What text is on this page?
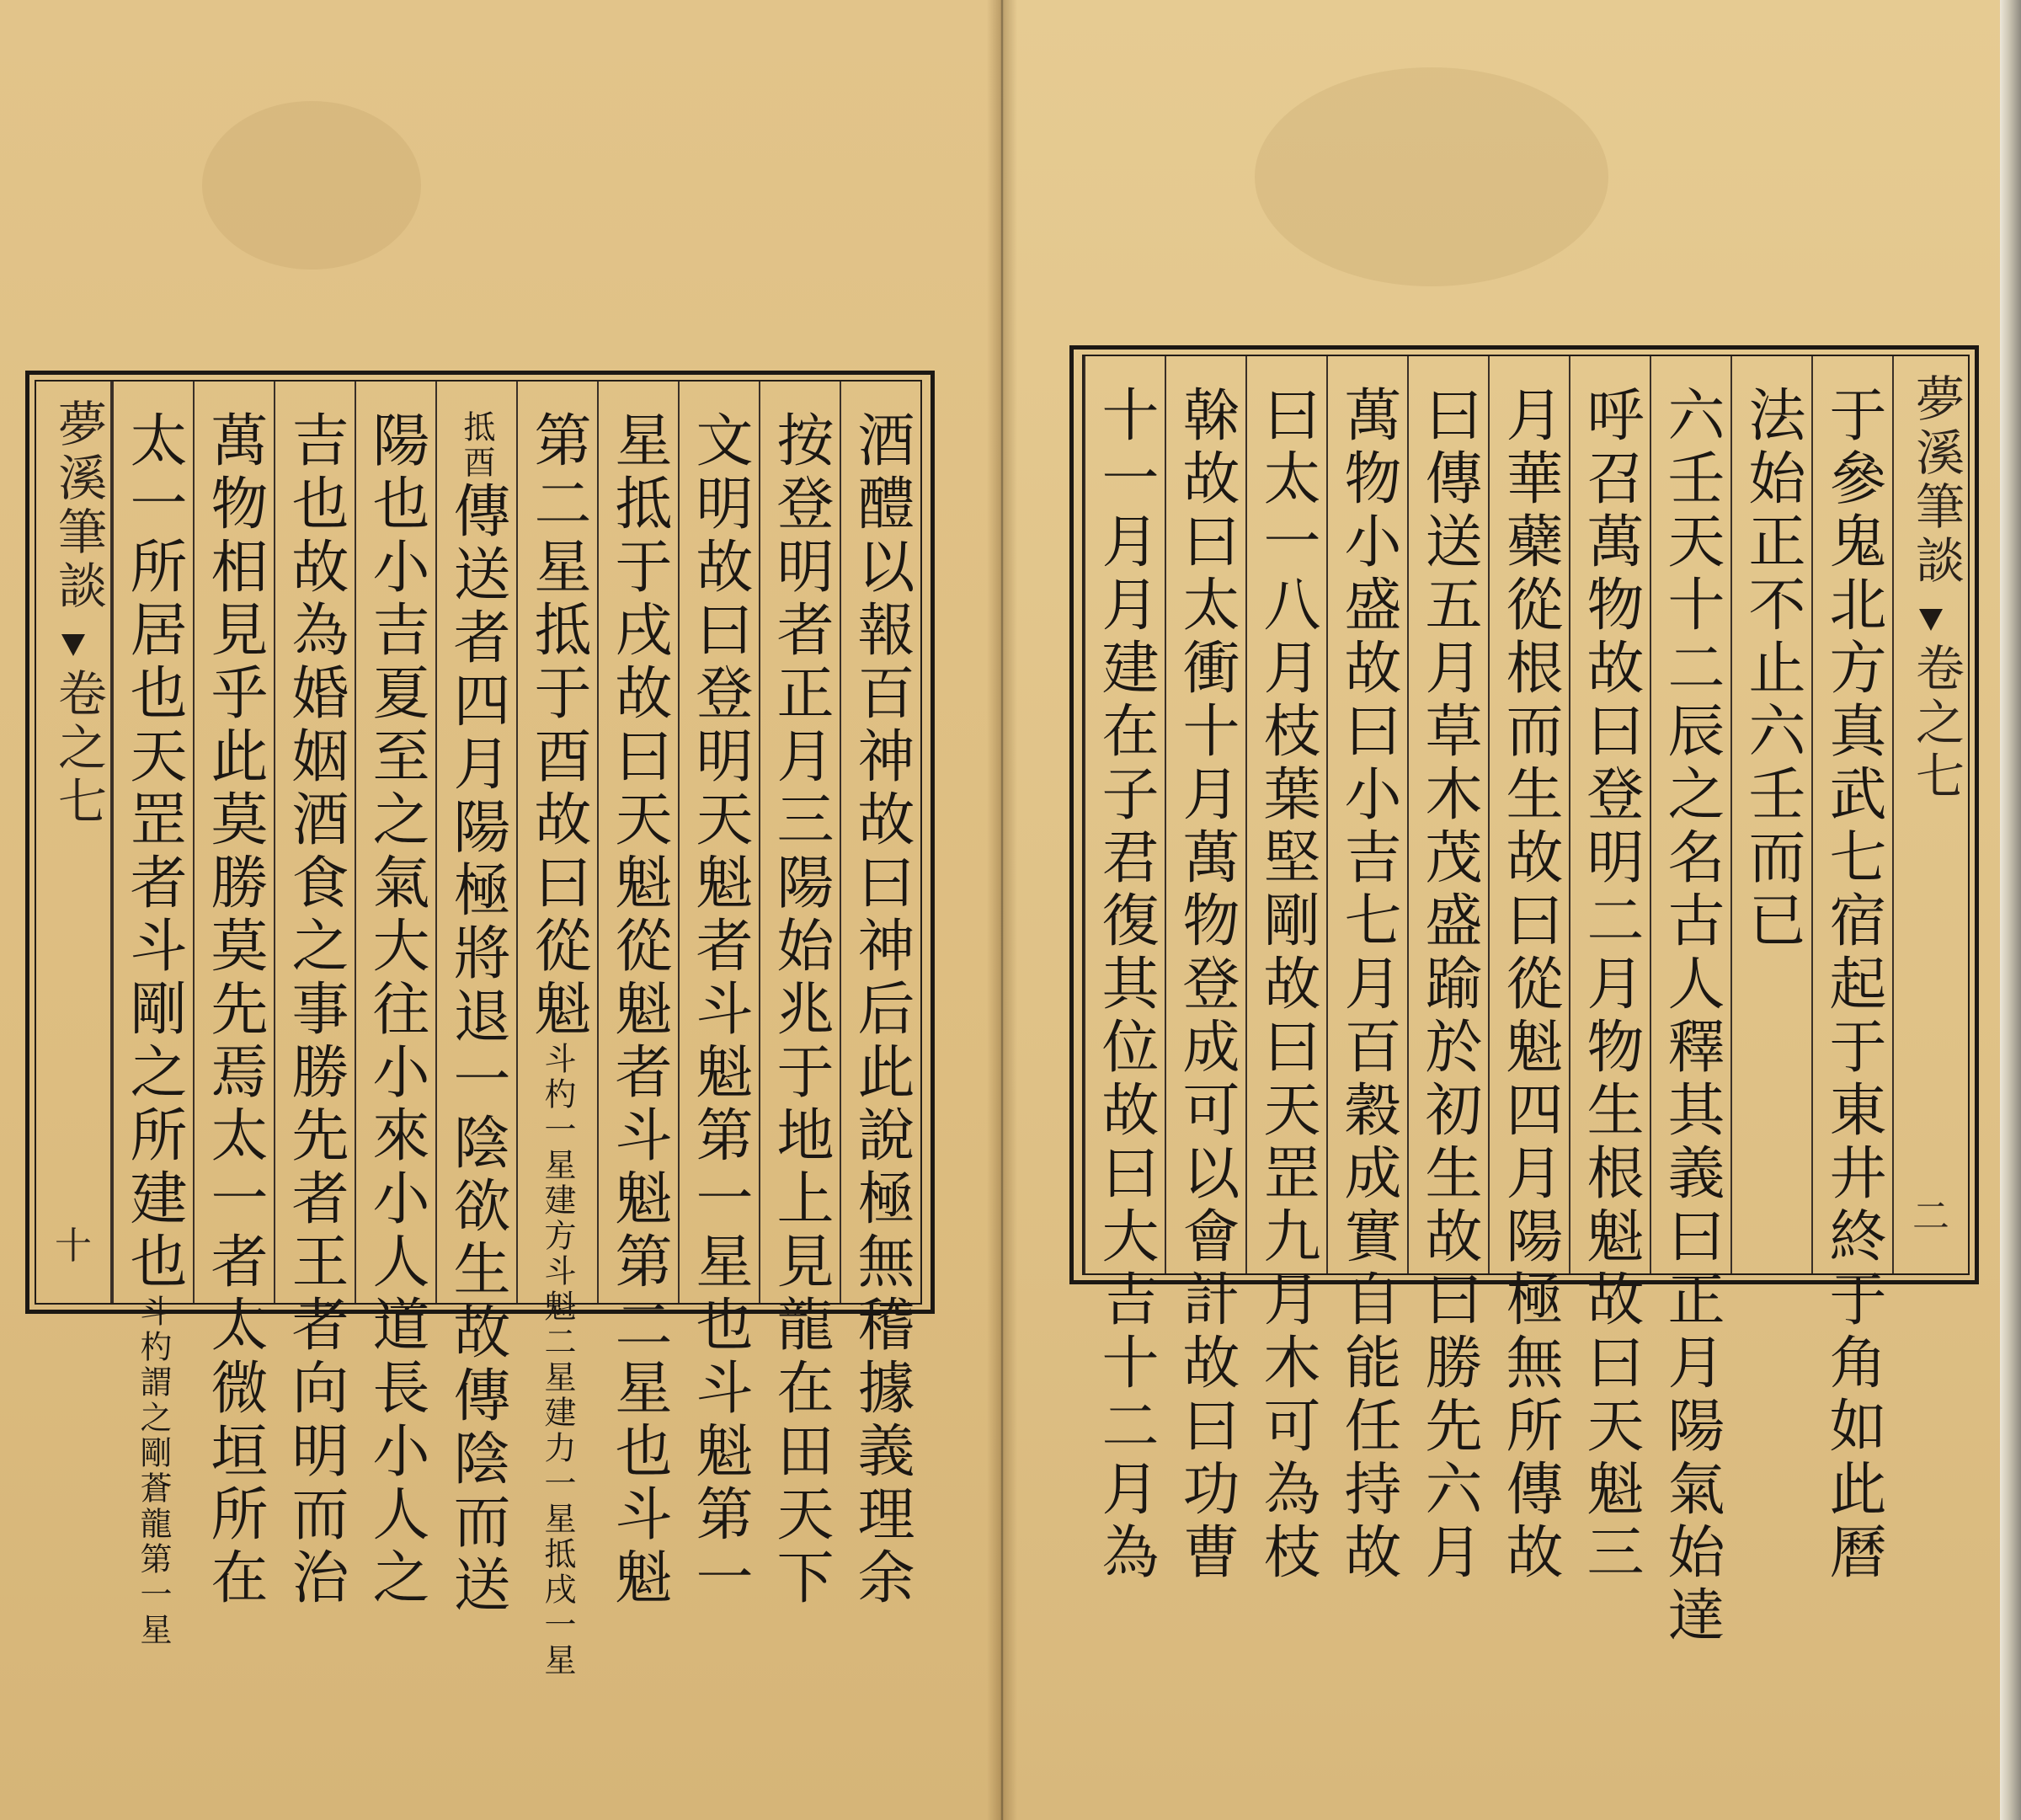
夢溪筆談
卷之七
十	酒醴以報百神故曰神后此說極無稽據義理余
按登明者正月三陽始兆于地上見龍在田天下
文明故曰登明天魁者斗魁第一星也斗魁第一
星抵于戌故曰天魁從魁者斗魁第二星也斗魁
第二星抵于酉故曰從魁斗杓一星建方斗魁二星建力一星抵戌一星
抵酉傳送者四月陽極將退一陰欲生故傳陰而送
陽也小吉夏至之氣大往小來小人道長小人之
吉也故為婚姻酒食之事勝先者王者向明而治
萬物相見乎此莫勝莫先焉太一者太微垣所在
太一所居也天罡者斗剛之所建也斗杓謂之剛蒼龍第一星
夢溪筆談
卷之七
二
于參鬼北方真武七宿起于東井終于角如此曆
法始正不止六壬而已
六壬天十二辰之名古人釋其義曰正月陽氣始達
呼召萬物故曰登明二月物生根魁故曰天魁三
月華蘗從根而生故曰從魁四月陽極無所傳故
曰傳送五月草木茂盛踰於初生故曰勝先六月
萬物小盛故曰小吉七月百穀成實自能任持故
曰太一八月枝葉堅剛故曰天罡九月木可為枝
榦故曰太衝十月萬物登成可以會計故曰功曹
十一月月建在子君復其位故曰大吉十二月為
